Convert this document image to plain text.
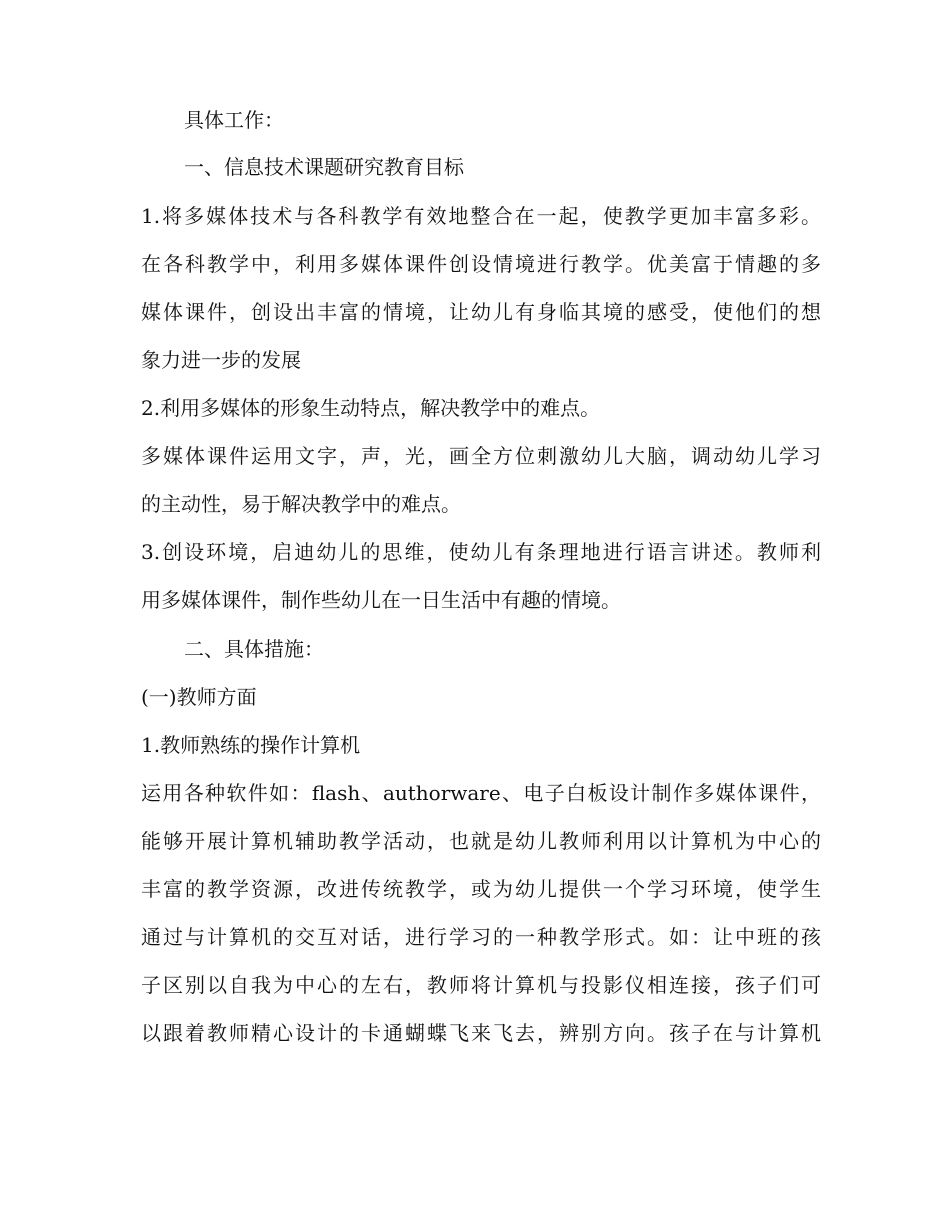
具体工作：
一、信息技术课题研究教育目标
1.将多媒体技术与各科教学有效地整合在一起，使教学更加丰富多彩。
在各科教学中，利用多媒体课件创设情境进行教学。优美富于情趣的多
媒体课件，创设出丰富的情境，让幼儿有身临其境的感受，使他们的想
象力进一步的发展
2.利用多媒体的形象生动特点，解决教学中的难点。
多媒体课件运用文字，声，光，画全方位刺激幼儿大脑，调动幼儿学习
的主动性，易于解决教学中的难点。
3.创设环境，启迪幼儿的思维，使幼儿有条理地进行语言讲述。教师利
用多媒体课件，制作些幼儿在一日生活中有趣的情境。
二、具体措施：
(一)教师方面
1.教师熟练的操作计算机
运用各种软件如：flash、authorware、电子白板设计制作多媒体课件，
能够开展计算机辅助教学活动，也就是幼儿教师利用以计算机为中心的
丰富的教学资源，改进传统教学，或为幼儿提供一个学习环境，使学生
通过与计算机的交互对话，进行学习的一种教学形式。如：让中班的孩
子区别以自我为中心的左右，教师将计算机与投影仪相连接，孩子们可
以跟着教师精心设计的卡通蝴蝶飞来飞去，辨别方向。孩子在与计算机
